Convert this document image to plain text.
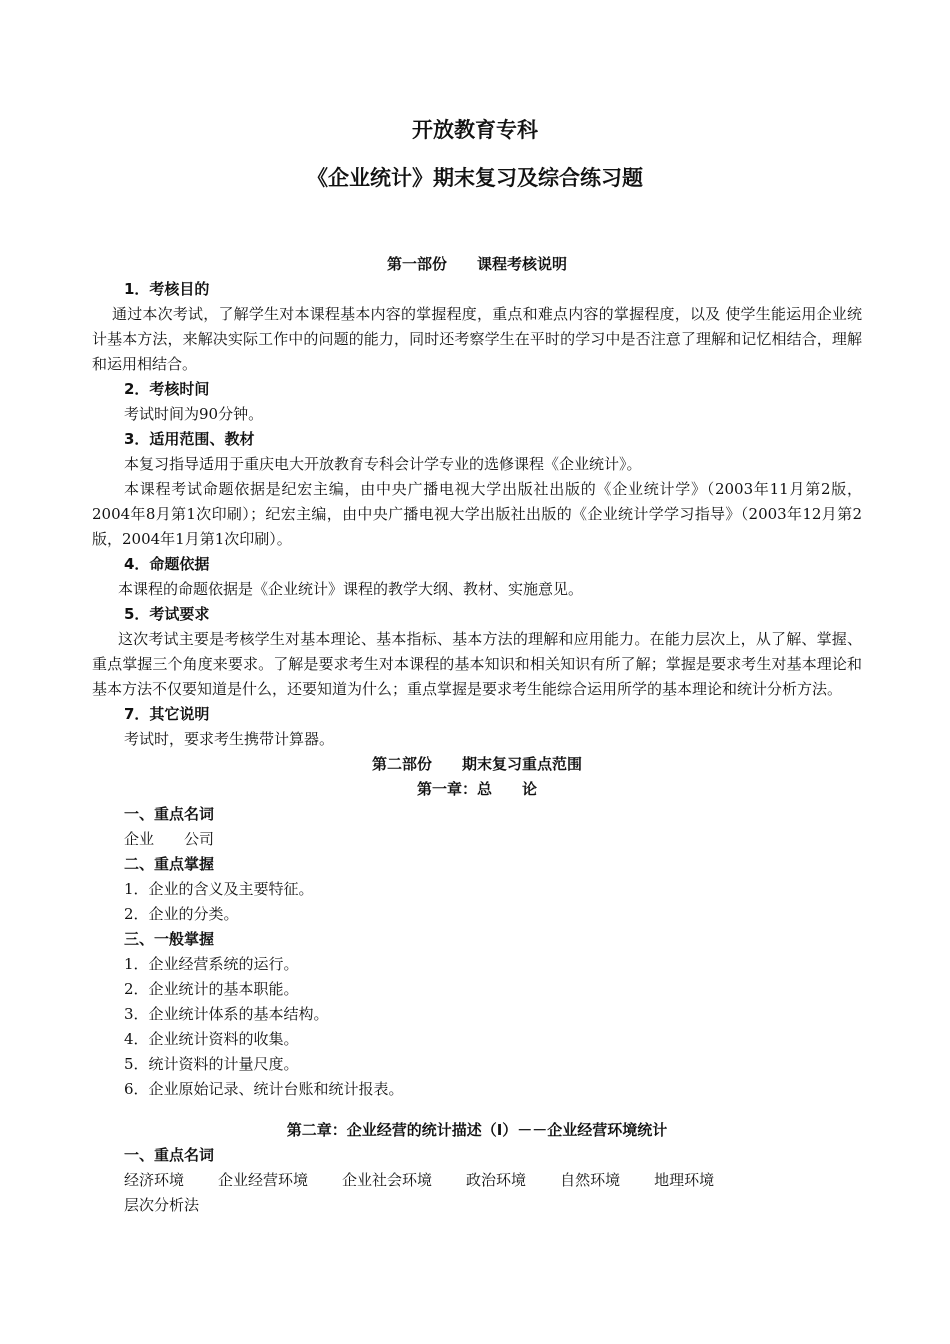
开放教育专科
《企业统计》期末复习及综合练习题
第一部份　　课程考核说明
1．考核目的
通过本次考试，了解学生对本课程基本内容的掌握程度，重点和难点内容的掌握程度，以及 使学生能运用企业统计基本方法，来解决实际工作中的问题的能力，同时还考察学生在平时的学习中是否注意了理解和记忆相结合，理解和运用相结合。
2．考核时间
考试时间为90分钟。
3．适用范围、教材
本复习指导适用于重庆电大开放教育专科会计学专业的选修课程《企业统计》。
本课程考试命题依据是纪宏主编，由中央广播电视大学出版社出版的《企业统计学》（2003年11月第2版，2004年8月第1次印刷）；纪宏主编，由中央广播电视大学出版社出版的《企业统计学学习指导》（2003年12月第2版，2004年1月第1次印刷）。
4．命题依据
本课程的命题依据是《企业统计》课程的教学大纲、教材、实施意见。
5．考试要求
这次考试主要是考核学生对基本理论、基本指标、基本方法的理解和应用能力。在能力层次上，从了解、掌握、重点掌握三个角度来要求。了解是要求考生对本课程的基本知识和相关知识有所了解；掌握是要求考生对基本理论和基本方法不仅要知道是什么，还要知道为什么；重点掌握是要求考生能综合运用所学的基本理论和统计分析方法。
7．其它说明
考试时，要求考生携带计算器。
第二部份　　期末复习重点范围
第一章：总　　论
一、重点名词
企业 公司
二、重点掌握
1．企业的含义及主要特征。
2．企业的分类。
三、一般掌握
1．企业经营系统的运行。
2．企业统计的基本职能。
3．企业统计体系的基本结构。
4．企业统计资料的收集。
5．统计资料的计量尺度。
6．企业原始记录、统计台账和统计报表。
第二章：企业经营的统计描述（I）－－企业经营环境统计
一、重点名词
经济环境 企业经营环境 企业社会环境 政治环境 自然环境 地理环境
层次分析法
